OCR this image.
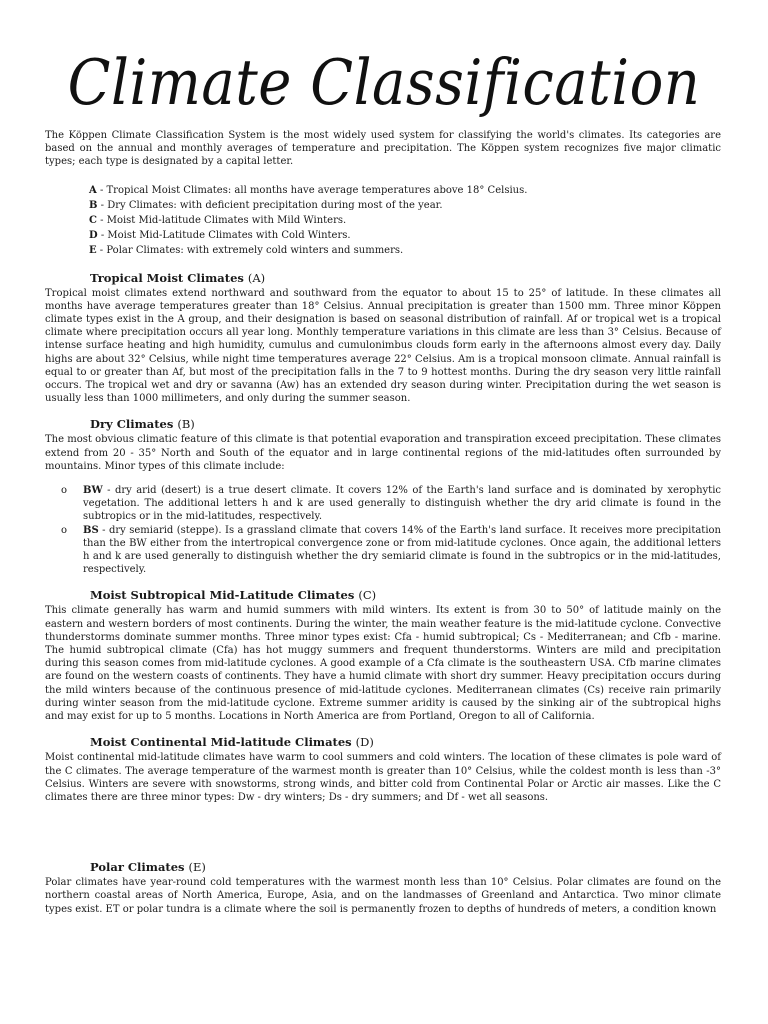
Climate Classification

The Köppen Climate Classification System is the most widely used system for classifying the world's climates. Its categories are based on the annual and monthly averages of temperature and precipitation. The Köppen system recognizes five major climatic types; each type is designated by a capital letter.

A - Tropical Moist Climates: all months have average temperatures above 18° Celsius.
B - Dry Climates: with deficient precipitation during most of the year.
C - Moist Mid-latitude Climates with Mild Winters.
D - Moist Mid-Latitude Climates with Cold Winters.
E - Polar Climates: with extremely cold winters and summers.
Tropical Moist Climates (A)

Tropical moist climates extend northward and southward from the equator to about 15 to 25° of latitude. In these climates all months have average temperatures greater than 18° Celsius. Annual precipitation is greater than 1500 mm. Three minor Köppen climate types exist in the A group, and their designation is based on seasonal distribution of rainfall. Af or tropical wet is a tropical climate where precipitation occurs all year long. Monthly temperature variations in this climate are less than 3° Celsius. Because of intense surface heating and high humidity, cumulus and cumulonimbus clouds form early in the afternoons almost every day. Daily highs are about 32° Celsius, while night time temperatures average 22° Celsius. Am is a tropical monsoon climate. Annual rainfall is equal to or greater than Af, but most of the precipitation falls in the 7 to 9 hottest months. During the dry season very little rainfall occurs. The tropical wet and dry or savanna (Aw) has an extended dry season during winter. Precipitation during the wet season is usually less than 1000 millimeters, and only during the summer season.

Dry Climates (B)

The most obvious climatic feature of this climate is that potential evaporation and transpiration exceed precipitation. These climates extend from 20 - 35° North and South of the equator and in large continental regions of the mid-latitudes often surrounded by mountains. Minor types of this climate include:

o BW - dry arid (desert) is a true desert climate. It covers 12% of the Earth's land surface and is dominated by xerophytic vegetation. The additional letters h and k are used generally to distinguish whether the dry arid climate is found in the subtropics or in the mid-latitudes, respectively.
o BS - dry semiarid (steppe). Is a grassland climate that covers 14% of the Earth's land surface. It receives more precipitation than the BW either from the intertropical convergence zone or from mid-latitude cyclones. Once again, the additional letters h and k are used generally to distinguish whether the dry semiarid climate is found in the subtropics or in the mid-latitudes, respectively.
Moist Subtropical Mid-Latitude Climates (C)

This climate generally has warm and humid summers with mild winters. Its extent is from 30 to 50° of latitude mainly on the eastern and western borders of most continents. During the winter, the main weather feature is the mid-latitude cyclone. Convective thunderstorms dominate summer months. Three minor types exist: Cfa - humid subtropical; Cs - Mediterranean; and Cfb - marine. The humid subtropical climate (Cfa) has hot muggy summers and frequent thunderstorms. Winters are mild and precipitation during this season comes from mid-latitude cyclones. A good example of a Cfa climate is the southeastern USA. Cfb marine climates are found on the western coasts of continents. They have a humid climate with short dry summer. Heavy precipitation occurs during the mild winters because of the continuous presence of mid-latitude cyclones. Mediterranean climates (Cs) receive rain primarily during winter season from the mid-latitude cyclone. Extreme summer aridity is caused by the sinking air of the subtropical highs and may exist for up to 5 months. Locations in North America are from Portland, Oregon to all of California.

Moist Continental Mid-latitude Climates (D)

Moist continental mid-latitude climates have warm to cool summers and cold winters. The location of these climates is pole ward of the C climates. The average temperature of the warmest month is greater than 10° Celsius, while the coldest month is less than -3° Celsius. Winters are severe with snowstorms, strong winds, and bitter cold from Continental Polar or Arctic air masses. Like the C climates there are three minor types: Dw - dry winters; Ds - dry summers; and Df - wet all seasons.

Polar Climates (E)

Polar climates have year-round cold temperatures with the warmest month less than 10° Celsius. Polar climates are found on the northern coastal areas of North America, Europe, Asia, and on the landmasses of Greenland and Antarctica. Two minor climate types exist. ET or polar tundra is a climate where the soil is permanently frozen to depths of hundreds of meters, a condition known
